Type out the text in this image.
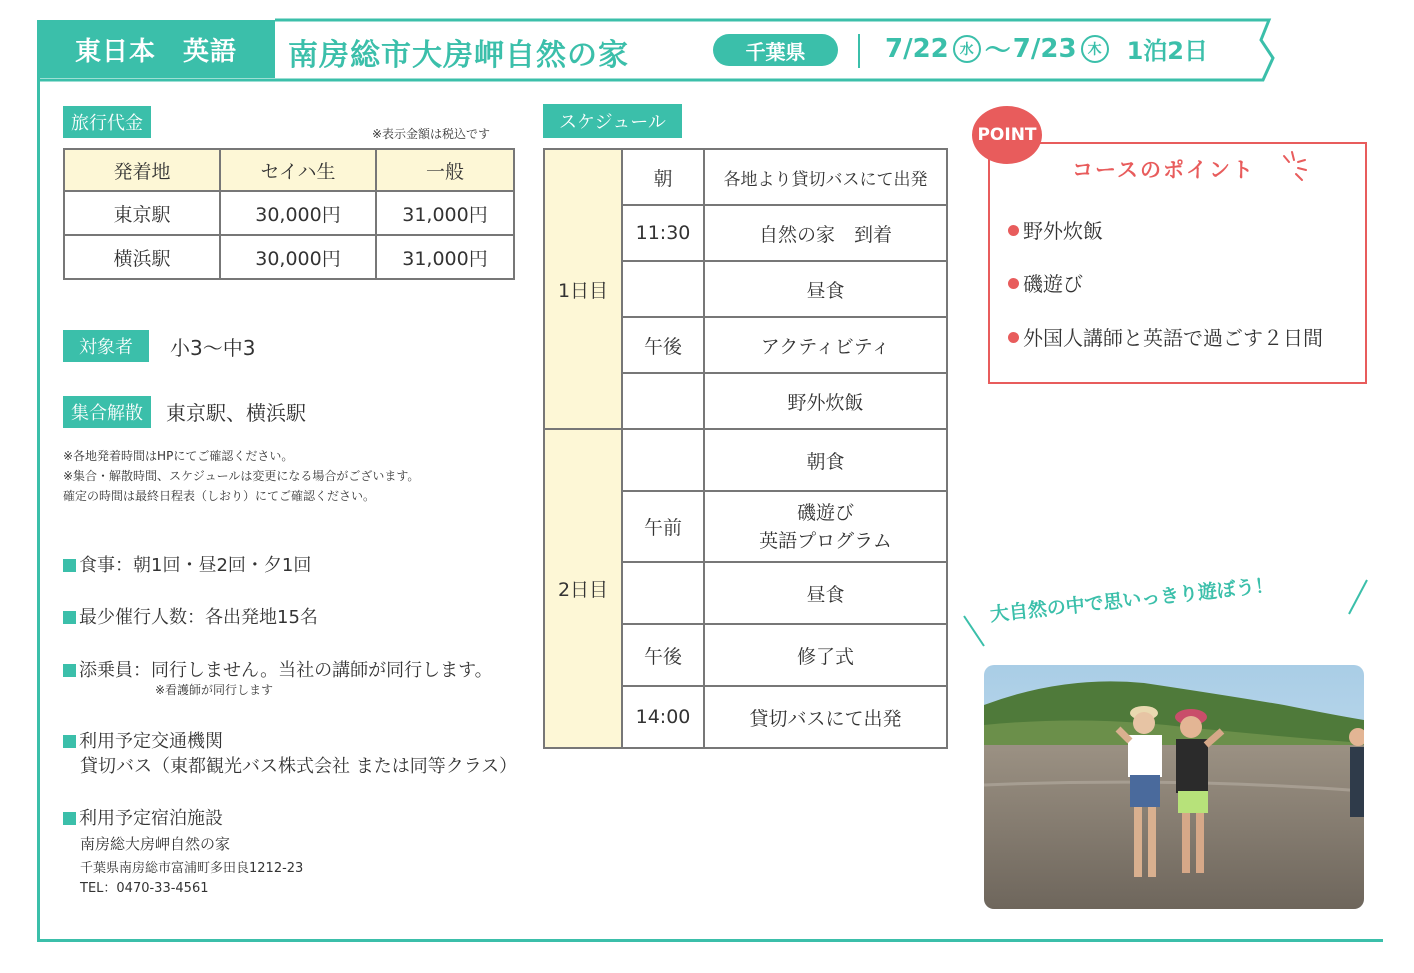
東日本　英語	南房総市大房岬自然の家	千葉県	7/22 水 ～ 7/23 木 1泊2日
旅行代金	※表示金額は税込です
発着地	セイハ生	一般
東京駅	30,000円	31,000円
横浜駅	30,000円	31,000円
対象者	小3～中3
集合解散	東京駅、横浜駅
※各地発着時間はHPにてご確認ください。
※集合・解散時間、スケジュールは変更になる場合がございます。
確定の時間は最終日程表（しおり）にてご確認ください。
食事：朝1回・昼2回・夕1回
最少催行人数：各出発地15名
添乗員：同行しません。当社の講師が同行します。
※看護師が同行します
利用予定交通機関
貸切バス（東都観光バス株式会社 または同等クラス）
利用予定宿泊施設
南房総大房岬自然の家
千葉県南房総市富浦町多田良1212-23
TEL：0470-33-4561
スケジュール
1日目	朝	各地より貸切バスにて出発
	11:30	自然の家　到着
		昼食
	午後	アクティビティ
		野外炊飯
2日目		朝食
	午前	磯遊び
英語プログラム

		昼食
	午後	修了式
	14:00	貸切バスにて出発
POINT
コースのポイント
野外炊飯
磯遊び
外国人講師と英語で過ごす２日間
大自然の中で思いっきり遊ぼう！
